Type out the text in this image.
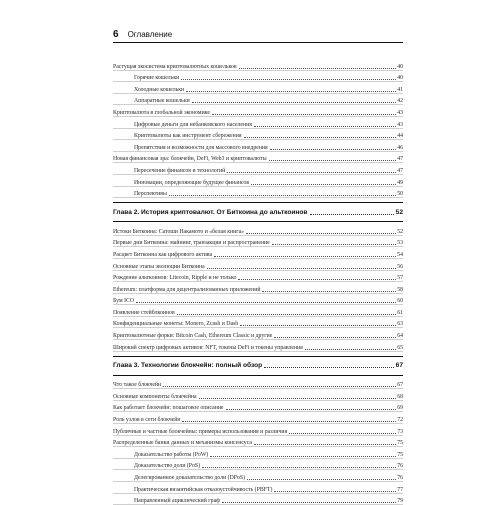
6 Оглавление
Растущая экосистема криптовалютных кошельков	40
Горячие кошельки	40
Холодные кошельки	41
Аппаратные кошельки	42
Криптовалюта в глобальной экономике	43
Цифровые деньги для небанковского населения	43
Криптовалюты как инструмент сбережения	44
Препятствия и возможности для массового внедрения	46
Новая финансовая эра: блокчейн, DeFi, Web3 и криптовалюты	47
Пересечение финансов и технологий	47
Инновации, определяющие будущее финансов	49
Перспективы	50
Глава 2. История криптовалют. От Биткоина до альткоинов	52
Истоки Биткоина: Сатоши Накамото и «белая книга»	52
Первые дни Биткоина: майнинг, транзакции и распространение	53
Расцвет Биткоина как цифрового актива	54
Основные этапы эволюции Биткоина	56
Рождение альткоинов: Litecoin, Ripple и не только	57
Ethereum: платформа для децентрализованных приложений	58
Бум ICO	60
Появление стейблкоинов	61
Конфиденциальные монеты: Monero, Zcash и Dash	63
Криптовалютные форки: Bitcoin Cash, Ethereum Classic и другие	64
Широкий спектр цифровых активов: NFT, токены DeFi и токены управления	65
Глава 3. Технологии блокчейн: полный обзор	67
Что такое блокчейн	67
Основные компоненты блокчейна	68
Как работает блокчейн: пошаговое описание	69
Роль узлов в сети блокчейн	72
Публичные и частные блокчейны: примеры использования и различия	73
Распределенные банки данных и механизмы консенсуса	75
Доказательство работы (PoW)	75
Доказательство доли (PoS)	76
Делегированное доказательство доли (DPoS)	76
Практическая византийская отказоустойчивость (PBFT)	77
Направленный ациклический граф	79
